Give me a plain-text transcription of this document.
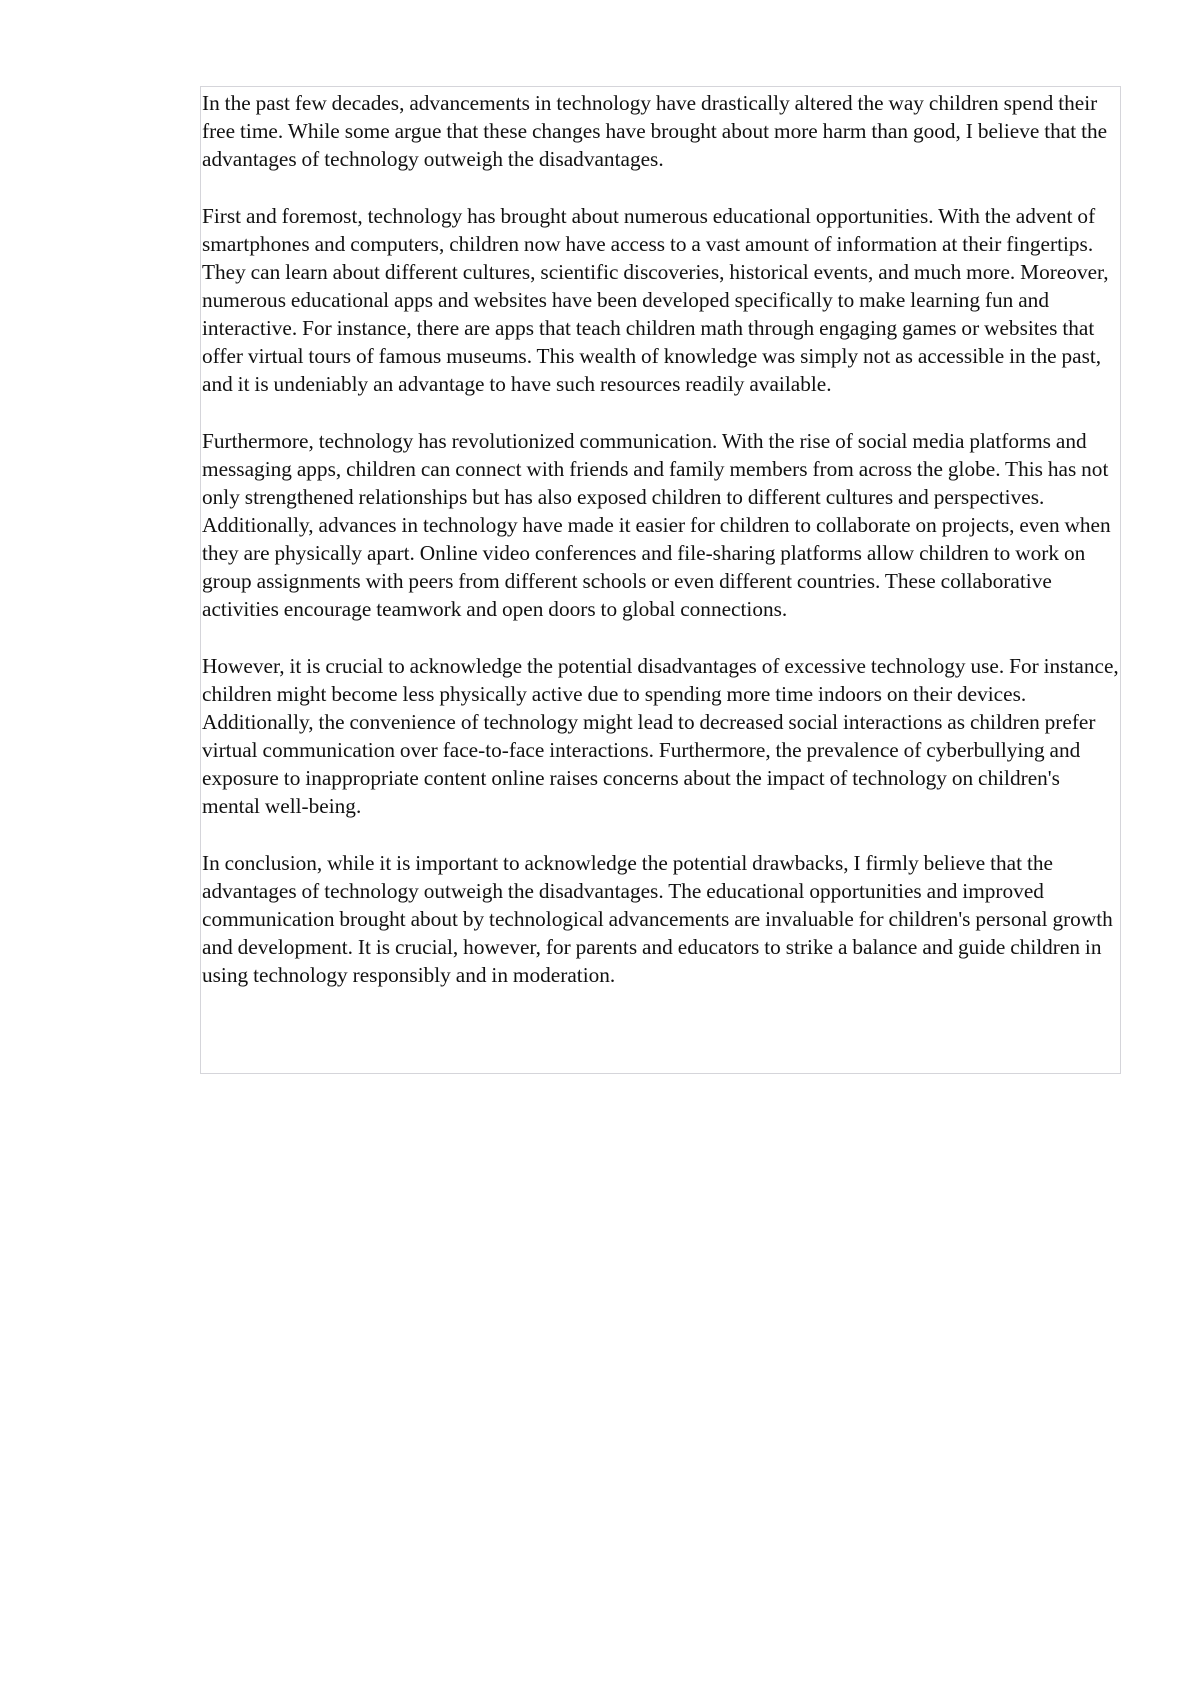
In the past few decades, advancements in technology have drastically altered the way children spend their free time. While some argue that these changes have brought about more harm than good, I believe that the advantages of technology outweigh the disadvantages.

First and foremost, technology has brought about numerous educational opportunities. With the advent of smartphones and computers, children now have access to a vast amount of information at their fingertips. They can learn about different cultures, scientific discoveries, historical events, and much more. Moreover, numerous educational apps and websites have been developed specifically to make learning fun and interactive. For instance, there are apps that teach children math through engaging games or websites that offer virtual tours of famous museums. This wealth of knowledge was simply not as accessible in the past, and it is undeniably an advantage to have such resources readily available.

Furthermore, technology has revolutionized communication. With the rise of social media platforms and messaging apps, children can connect with friends and family members from across the globe. This has not only strengthened relationships but has also exposed children to different cultures and perspectives. Additionally, advances in technology have made it easier for children to collaborate on projects, even when they are physically apart. Online video conferences and file-sharing platforms allow children to work on group assignments with peers from different schools or even different countries. These collaborative activities encourage teamwork and open doors to global connections.

However, it is crucial to acknowledge the potential disadvantages of excessive technology use. For instance, children might become less physically active due to spending more time indoors on their devices. Additionally, the convenience of technology might lead to decreased social interactions as children prefer virtual communication over face-to-face interactions. Furthermore, the prevalence of cyberbullying and exposure to inappropriate content online raises concerns about the impact of technology on children's mental well-being.

In conclusion, while it is important to acknowledge the potential drawbacks, I firmly believe that the advantages of technology outweigh the disadvantages. The educational opportunities and improved communication brought about by technological advancements are invaluable for children's personal growth and development. It is crucial, however, for parents and educators to strike a balance and guide children in using technology responsibly and in moderation.
